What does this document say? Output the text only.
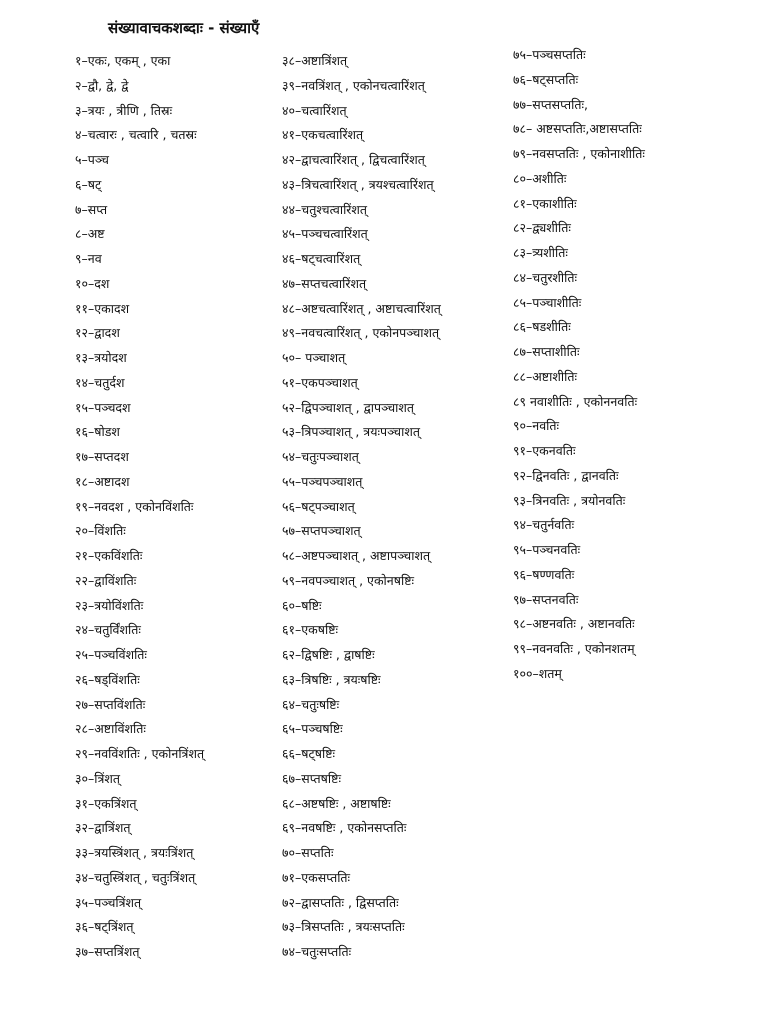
संख्यावाचकशब्दाः - संख्याएँ
१–एकः, एकम् , एका
२–द्वौ, द्वे, द्वे
३–त्रयः , त्रीणि , तिस्रः
४–चत्वारः , चत्वारि , चतस्रः
५–पञ्च
६–षट्
७–सप्त
८–अष्ट
९–नव
१०–दश
११–एकादश
१२–द्वादश
१३–त्रयोदश
१४–चतुर्दश
१५–पञ्चदश
१६–षोडश
१७–सप्तदश
१८–अष्टादश
१९–नवदश , एकोनविंशतिः
२०–विंशतिः
२१–एकविंशतिः
२२–द्वाविंशतिः
२३–त्रयोविंशतिः
२४–चतुर्विंशतिः
२५–पञ्चविंशतिः
२६–षड्विंशतिः
२७–सप्तविंशतिः
२८–अष्टाविंशतिः
२९–नवविंशतिः , एकोनत्रिंशत्
३०–त्रिंशत्
३१–एकत्रिंशत्
३२–द्वात्रिंशत्
३३–त्रयस्त्रिंशत् , त्रयःत्रिंशत्
३४–चतुस्त्रिंशत् , चतुःत्रिंशत्
३५–पञ्चत्रिंशत्
३६–षट्त्रिंशत्
३७–सप्तत्रिंशत्
३८–अष्टात्रिंशत्
३९–नवत्रिंशत् , एकोनचत्वारिंशत्
४०–चत्वारिंशत्
४१–एकचत्वारिंशत्
४२–द्वाचत्वारिंशत् , द्विचत्वारिंशत्
४३–त्रिचत्वारिंशत् , त्रयश्चत्वारिंशत्
४४–चतुश्चत्वारिंशत्
४५–पञ्चचत्वारिंशत्
४६–षट्चत्वारिंशत्
४७–सप्तचत्वारिंशत्
४८–अष्टचत्वारिंशत् , अष्टाचत्वारिंशत्
४९–नवचत्वारिंशत् , एकोनपञ्चाशत्
५०– पञ्चाशत्
५१–एकपञ्चाशत्
५२–द्विपञ्चाशत् , द्वापञ्चाशत्
५३–त्रिपञ्चाशत् , त्रयःपञ्चाशत्
५४–चतुःपञ्चाशत्
५५–पञ्चपञ्चाशत्
५६–षट्पञ्चाशत्
५७–सप्तपञ्चाशत्
५८–अष्टपञ्चाशत् , अष्टापञ्चाशत्
५९–नवपञ्चाशत् , एकोनषष्टिः
६०–षष्टिः
६१–एकषष्टिः
६२–द्विषष्टिः , द्वाषष्टिः
६३–त्रिषष्टिः , त्रयःषष्टिः
६४–चतुःषष्टिः
६५–पञ्चषष्टिः
६६–षट्षष्टिः
६७–सप्तषष्टिः
६८–अष्टषष्टिः , अष्टाषष्टिः
६९–नवषष्टिः , एकोनसप्ततिः
७०–सप्ततिः
७१–एकसप्ततिः
७२–द्वासप्ततिः , द्विसप्ततिः
७३–त्रिसप्ततिः , त्रयःसप्ततिः
७४–चतुःसप्ततिः
७५–पञ्चसप्ततिः
७६–षट्सप्ततिः
७७–सप्तसप्ततिः,
७८– अष्टसप्ततिः,अष्टासप्ततिः
७९–नवसप्ततिः , एकोनाशीतिः
८०–अशीतिः
८१–एकाशीतिः
८२–द्व्यशीतिः
८३–त्र्यशीतिः
८४–चतुरशीतिः
८५–पञ्चाशीतिः
८६–षडशीतिः
८७–सप्ताशीतिः
८८–अष्टाशीतिः
८९ नवाशीतिः , एकोननवतिः
९०–नवतिः
९१–एकनवतिः
९२–द्विनवतिः , द्वानवतिः
९३–त्रिनवतिः , त्रयोनवतिः
९४–चतुर्नवतिः
९५–पञ्चनवतिः
९६–षण्णवतिः
९७–सप्तनवतिः
९८–अष्टनवतिः , अष्टानवतिः
९९–नवनवतिः , एकोनशतम्
१००–शतम्
